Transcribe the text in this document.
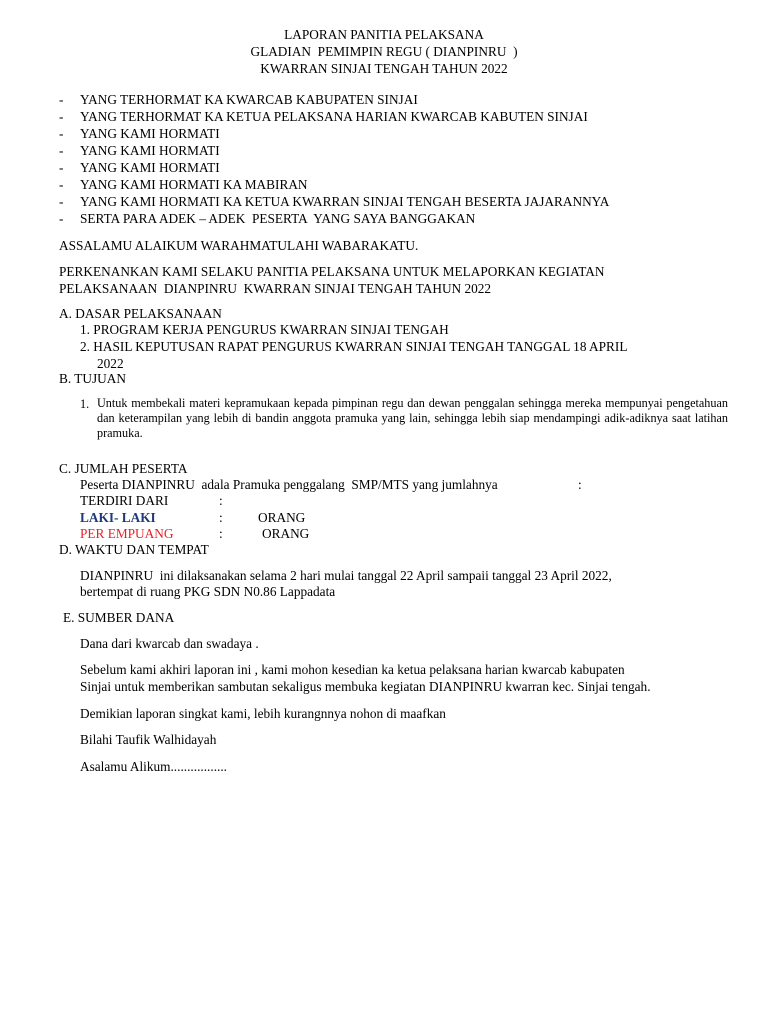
LAPORAN PANITIA PELAKSANA
GLADIAN  PEMIMPIN REGU ( DIANPINRU  )
KWARRAN SINJAI TENGAH TAHUN 2022
- YANG TERHORMAT KA KWARCAB KABUPATEN SINJAI
- YANG TERHORMAT KA KETUA PELAKSANA HARIAN KWARCAB KABUTEN SINJAI
- YANG KAMI HORMATI
- YANG KAMI HORMATI
- YANG KAMI HORMATI
- YANG KAMI HORMATI KA MABIRAN
- YANG KAMI HORMATI KA KETUA KWARRAN SINJAI TENGAH BESERTA JAJARANNYA
- SERTA PARA ADEK – ADEK  PESERTA  YANG SAYA BANGGAKAN
ASSALAMU ALAIKUM WARAHMATULAHI WABARAKATU.
PERKENANKAN KAMI SELAKU PANITIA PELAKSANA UNTUK MELAPORKAN KEGIATAN
PELAKSANAAN  DIANPINRU  KWARRAN SINJAI TENGAH TAHUN 2022
A. DASAR PELAKSANAAN
1. PROGRAM KERJA PENGURUS KWARRAN SINJAI TENGAH
2. HASIL KEPUTUSAN RAPAT PENGURUS KWARRAN SINJAI TENGAH TANGGAL 18 APRIL
2022
B. TUJUAN
1. Untuk membekali materi kepramukaan kepada pimpinan regu dan dewan penggalan sehingga mereka mempunyai pengetahuan dan keterampilan yang lebih di bandin anggota pramuka yang lain, sehingga lebih siap mendampingi adik-adiknya saat latihan pramuka.
C. JUMLAH PESERTA
Peserta DIANPINRU  adala Pramuka penggalang  SMP/MTS yang jumlahnya	:
TERDIRI DARI	:
LAKI- LAKI	:	ORANG
PER EMPUANG	:	ORANG
D. WAKTU DAN TEMPAT
DIANPINRU  ini dilaksanakan selama 2 hari mulai tanggal 22 April sampaii tanggal 23 April 2022,
bertempat di ruang PKG SDN N0.86 Lappadata
E. SUMBER DANA
Dana dari kwarcab dan swadaya .
Sebelum kami akhiri laporan ini , kami mohon kesedian ka ketua pelaksana harian kwarcab kabupaten
Sinjai untuk memberikan sambutan sekaligus membuka kegiatan DIANPINRU kwarran kec. Sinjai tengah.
Demikian laporan singkat kami, lebih kurangnnya nohon di maafkan
Bilahi Taufik Walhidayah
Asalamu Alikum.................
